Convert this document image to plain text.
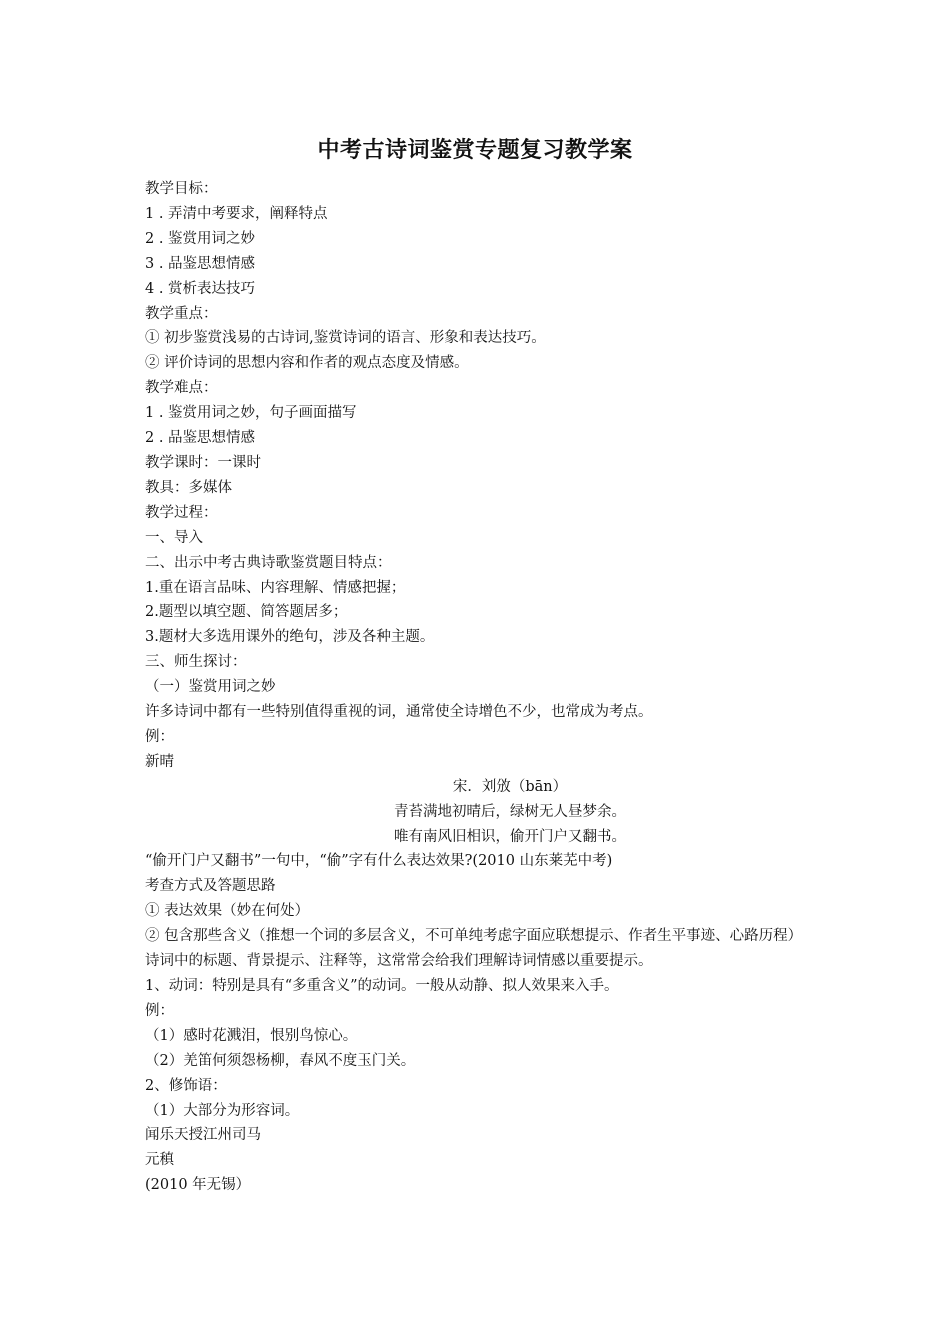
中考古诗词鉴赏专题复习教学案
教学目标：
1 . 弄清中考要求，阐释特点
2 . 鉴赏用词之妙
3 . 品鉴思想情感
4 . 赏析表达技巧
教学重点：
① 初步鉴赏浅易的古诗词,鉴赏诗词的语言、形象和表达技巧。
② 评价诗词的思想内容和作者的观点态度及情感。
教学难点：
1 . 鉴赏用词之妙，句子画面描写
2 . 品鉴思想情感
教学课时：一课时
教具：多媒体
教学过程：
一、导入
二、出示中考古典诗歌鉴赏题目特点：
1.重在语言品味、内容理解、情感把握；
2.题型以填空题、简答题居多；
3.题材大多选用课外的绝句，涉及各种主题。
三、师生探讨：
（一）鉴赏用词之妙
许多诗词中都有一些特别值得重视的词，通常使全诗增色不少，也常成为考点。
例：
新晴
宋．刘攽（bān）
青苔满地初晴后，绿树无人昼梦余。
唯有南风旧相识，偷开门户又翻书。
“偷开门户又翻书”一句中，“偷”字有什么表达效果?(2010 山东莱芜中考)
考查方式及答题思路
① 表达效果（妙在何处）
② 包含那些含义（推想一个词的多层含义，不可单纯考虑字面应联想提示、作者生平事迹、心路历程）
诗词中的标题、背景提示、注释等，这常常会给我们理解诗词情感以重要提示。
1、动词：特别是具有“多重含义”的动词。一般从动静、拟人效果来入手。
例：
（1）感时花溅泪，恨别鸟惊心。
（2）羌笛何须怨杨柳，春风不度玉门关。
2、修饰语：
（1）大部分为形容词。
闻乐天授江州司马
元稹
(2010 年无锡）
